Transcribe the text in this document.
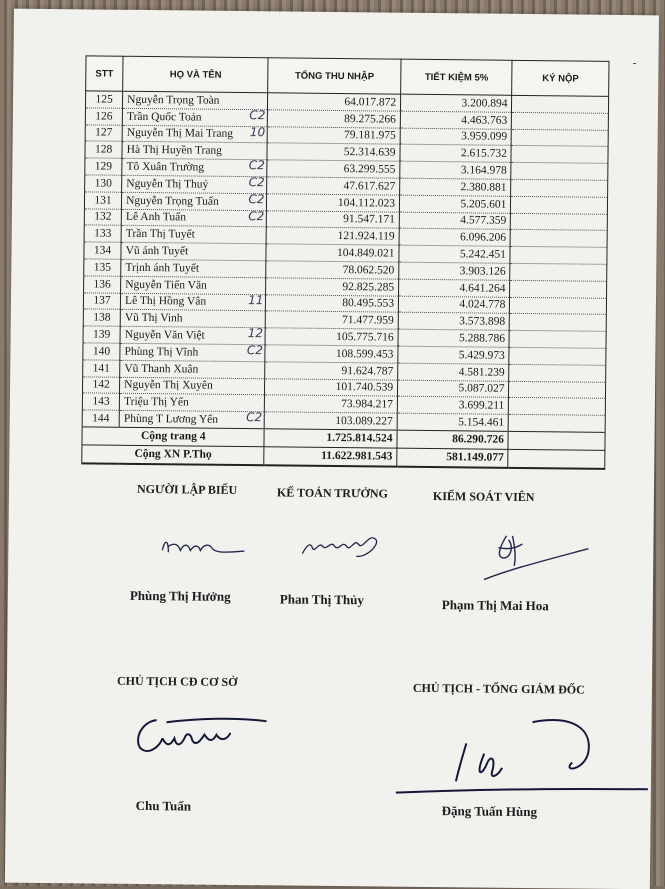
-
STT	HỌ VÀ TÊN	TỔNG THU NHẬP	TIẾT KIỆM 5%	KÝ NỘP
125	Nguyễn Trọng Toàn	64.017.872	3.200.894	
126	Trần Quốc Toản C2	89.275.266	4.463.763	
127	Nguyễn Thị Mai Trang 10	79.181.975	3.959.099	
128	Hà Thị Huyền Trang	52.314.639	2.615.732	
129	Tô Xuân Trường C2	63.299.555	3.164.978	
130	Nguyễn Thị Thuỷ C2	47.617.627	2.380.881	
131	Nguyễn Trọng Tuấn C2	104.112.023	5.205.601	
132	Lê Anh Tuấn C2	91.547.171	4.577.359	
133	Trần Thị Tuyết	121.924.119	6.096.206	
134	Vũ ánh Tuyết	104.849.021	5.242.451	
135	Trịnh ánh Tuyết	78.062.520	3.903.126	
136	Nguyễn Tiến Văn	92.825.285	4.641.264	
137	Lê Thị Hồng Vân 11	80.495.553	4.024.778	
138	Vũ Thị Vinh	71.477.959	3.573.898	
139	Nguyễn Văn Việt 12	105.775.716	5.288.786	
140	Phùng Thị Vĩnh C2	108.599.453	5.429.973	
141	Vũ Thanh Xuân	91.624.787	4.581.239	
142	Nguyễn Thị Xuyên	101.740.539	5.087.027	
143	Triệu Thị Yến	73.984.217	3.699.211	
144	Phùng T Lương Yến C2	103.089.227	5.154.461	
Cộng trang 4		1.725.814.524	86.290.726	
Cộng XN P.Thọ		11.622.981.543	581.149.077	
NGƯỜI LẬP BIỂU	KẾ TOÁN TRƯỞNG	KIỂM SOÁT VIÊN
Phùng Thị Hưởng	Phan Thị Thủy	Phạm Thị Mai Hoa
CHỦ TỊCH CĐ CƠ SỞ	CHỦ TỊCH - TỔNG GIÁM ĐỐC
Chu Tuấn	Đặng Tuấn Hùng
